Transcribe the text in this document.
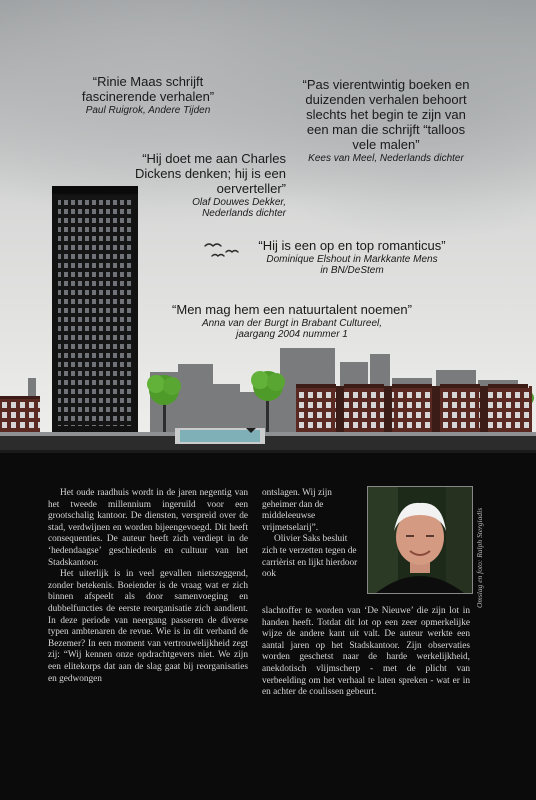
“Rinie Maas schrijft fascinerende verhalen”

Paul Ruigrok, Andere Tijden

“Pas vierentwintig boeken en duizenden verhalen behoort slechts het begin te zijn van een man die schrijft “talloos vele malen”

Kees van Meel, Nederlands dichter

“Hij doet me aan Charles Dickens denken; hij is een oerverteller”

Olaf Douwes Dekker, Nederlands dichter

“Hij is een op en top romanticus”

Dominique Elshout in Markkante Mens in BN/DeStem

“Men mag hem een natuurtalent noemen”

Anna van der Burgt in Brabant Cultureel, jaargang 2004 nummer 1

Het oude raadhuis wordt in de jaren negentig van het tweede millennium ingeruild voor een grootschalig kantoor. De diensten, verspreid over de stad, verdwijnen en worden bijeengevoegd. Dit heeft consequenties. De auteur heeft zich verdiept in de ‘hedendaagse’ geschiedenis en cultuur van het Stadskantoor.

Het uiterlijk is in veel gevallen nietszeggend, zonder betekenis. Boeiender is de vraag wat er zich binnen afspeelt als door samenvoeging en dubbelfuncties de eerste reorganisatie zich aandient. In deze periode van neergang passeren de diverse typen ambtenaren de revue. Wie is in dit verband de Bezemer? In een moment van vertrouwelijkheid zegt zij: “Wij kennen onze opdrachtgevers niet. We zijn een elitekorps dat aan de slag gaat bij reorganisaties en gedwongen

ontslagen. Wij zijn geheimer dan de middeleeuwse vrijmetselarij”.

Olivier Saks besluit zich te verzetten tegen de carrièrist en lijkt hierdoor ook

slachtoffer te worden van ‘De Nieuwe’ die zijn lot in handen heeft. Totdat dit lot op een zeer opmerkelijke wijze de andere kant uit valt. De auteur werkte een aantal jaren op het Stadskantoor. Zijn observaties worden geschetst naar de harde werkelijkheid, anekdotisch vlijmscherp - met de plicht van verbeelding om het verhaal te laten spreken - wat er in en achter de coulissen gebeurt.

Omslag en foto: Ralph Stergiadis
